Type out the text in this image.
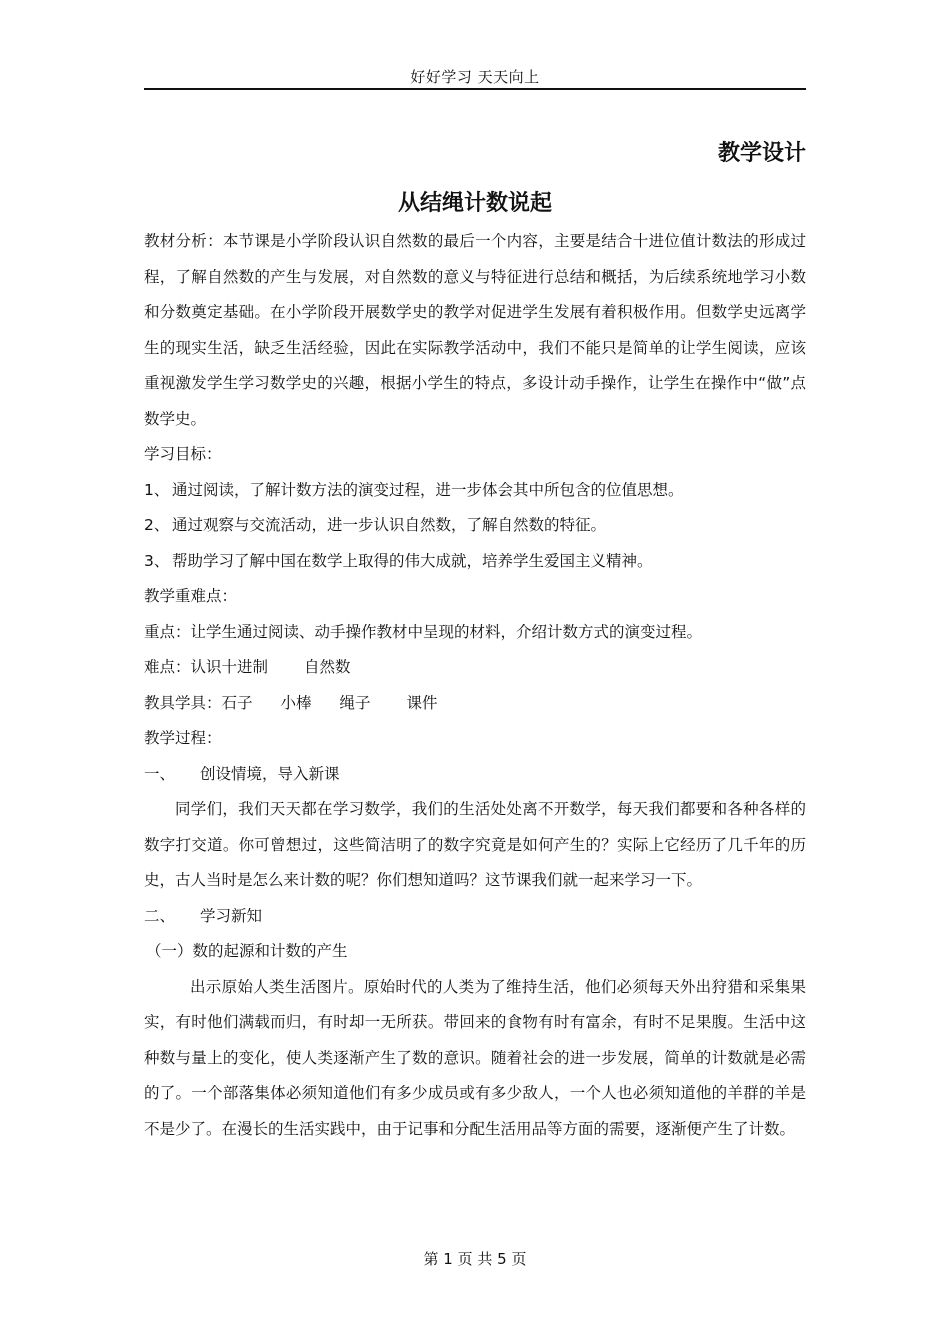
好好学习 天天向上
教学设计
从结绳计数说起

教材分析：本节课是小学阶段认识自然数的最后一个内容，主要是结合十进位值计数法的形成过程，了解自然数的产生与发展，对自然数的意义与特征进行总结和概括，为后续系统地学习小数和分数奠定基础。在小学阶段开展数学史的教学对促进学生发展有着积极作用。但数学史远离学生的现实生活，缺乏生活经验，因此在实际教学活动中，我们不能只是简单的让学生阅读，应该重视激发学生学习数学史的兴趣，根据小学生的特点，多设计动手操作，让学生在操作中“做”点数学史。

学习目标：

1、 通过阅读，了解计数方法的演变过程，进一步体会其中所包含的位值思想。

2、 通过观察与交流活动，进一步认识自然数，了解自然数的特征。

3、 帮助学习了解中国在数学上取得的伟大成就，培养学生爱国主义精神。

教学重难点：

重点：让学生通过阅读、动手操作教材中呈现的材料，介绍计数方式的演变过程。

难点：认识十进制 自然数

教具学具：石子 小棒 绳子 课件

教学过程：

一、 创设情境，导入新课

同学们，我们天天都在学习数学，我们的生活处处离不开数学，每天我们都要和各种各样的数字打交道。你可曾想过，这些简洁明了的数字究竟是如何产生的？实际上它经历了几千年的历史，古人当时是怎么来计数的呢？你们想知道吗？这节课我们就一起来学习一下。

二、 学习新知

（一）数的起源和计数的产生

出示原始人类生活图片。原始时代的人类为了维持生活，他们必须每天外出狩猎和采集果实，有时他们满载而归，有时却一无所获。带回来的食物有时有富余，有时不足果腹。生活中这种数与量上的变化，使人类逐渐产生了数的意识。随着社会的进一步发展，简单的计数就是必需的了。一个部落集体必须知道他们有多少成员或有多少敌人，一个人也必须知道他的羊群的羊是不是少了。在漫长的生活实践中，由于记事和分配生活用品等方面的需要，逐渐便产生了计数。

第 1 页 共 5 页
